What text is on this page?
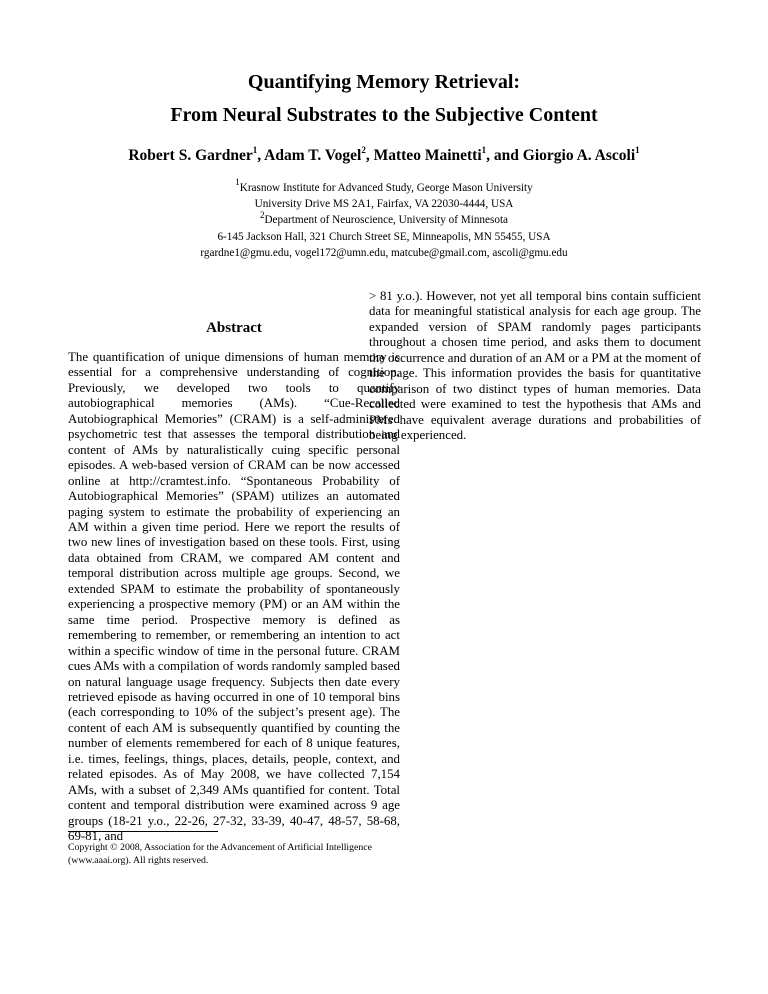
Quantifying Memory Retrieval:
From Neural Substrates to the Subjective Content

Robert S. Gardner$^1$, Adam T. Vogel$^2$, Matteo Mainetti$^1$, and Giorgio A. Ascoli$^1$

$^1$Krasnow Institute for Advanced Study, George Mason University
University Drive MS 2A1, Fairfax, VA 22030-4444, USA
$^2$Department of Neuroscience, University of Minnesota
6-145 Jackson Hall, 321 Church Street SE, Minneapolis, MN 55455, USA
rgardne1@gmu.edu, vogel172@umn.edu, matcube@gmail.com, ascoli@gmu.edu
Abstract
The quantification of unique dimensions of human memory is essential for a comprehensive understanding of cognition. Previously, we developed two tools to quantify autobiographical memories (AMs). “Cue-Recalled Autobiographical Memories” (CRAM) is a self-administered psychometric test that assesses the temporal distribution and content of AMs by naturalistically cuing specific personal episodes. A web-based version of CRAM can be now accessed online at http://cramtest.info. “Spontaneous Probability of Autobiographical Memories” (SPAM) utilizes an automated paging system to estimate the probability of experiencing an AM within a given time period. Here we report the results of two new lines of investigation based on these tools. First, using data obtained from CRAM, we compared AM content and temporal distribution across multiple age groups. Second, we extended SPAM to estimate the probability of spontaneously experiencing a prospective memory (PM) or an AM within the same time period. Prospective memory is defined as remembering to remember, or remembering an intention to act within a specific window of time in the personal future. CRAM cues AMs with a compilation of words randomly sampled based on natural language usage frequency. Subjects then date every retrieved episode as having occurred in one of 10 temporal bins (each corresponding to 10% of the subject’s present age). The content of each AM is subsequently quantified by counting the number of elements remembered for each of 8 unique features, i.e. times, feelings, things, places, details, people, context, and related episodes. As of May 2008, we have collected 7,154 AMs, with a subset of 2,349 AMs quantified for content. Total content and temporal distribution were examined across 9 age groups (18-21 y.o., 22-26, 27-32, 33-39, 40-47, 48-57, 58-68, 69-81, and
Copyright © 2008, Association for the Advancement of Artificial Intelligence (www.aaai.org). All rights reserved.
> 81 y.o.). However, not yet all temporal bins contain sufficient data for meaningful statistical analysis for each age group. The expanded version of SPAM randomly pages participants throughout a chosen time period, and asks them to document the occurrence and duration of an AM or a PM at the moment of the page. This information provides the basis for quantitative comparison of two distinct types of human memories. Data collected were examined to test the hypothesis that AMs and PMs have equivalent average durations and probabilities of being experienced.
